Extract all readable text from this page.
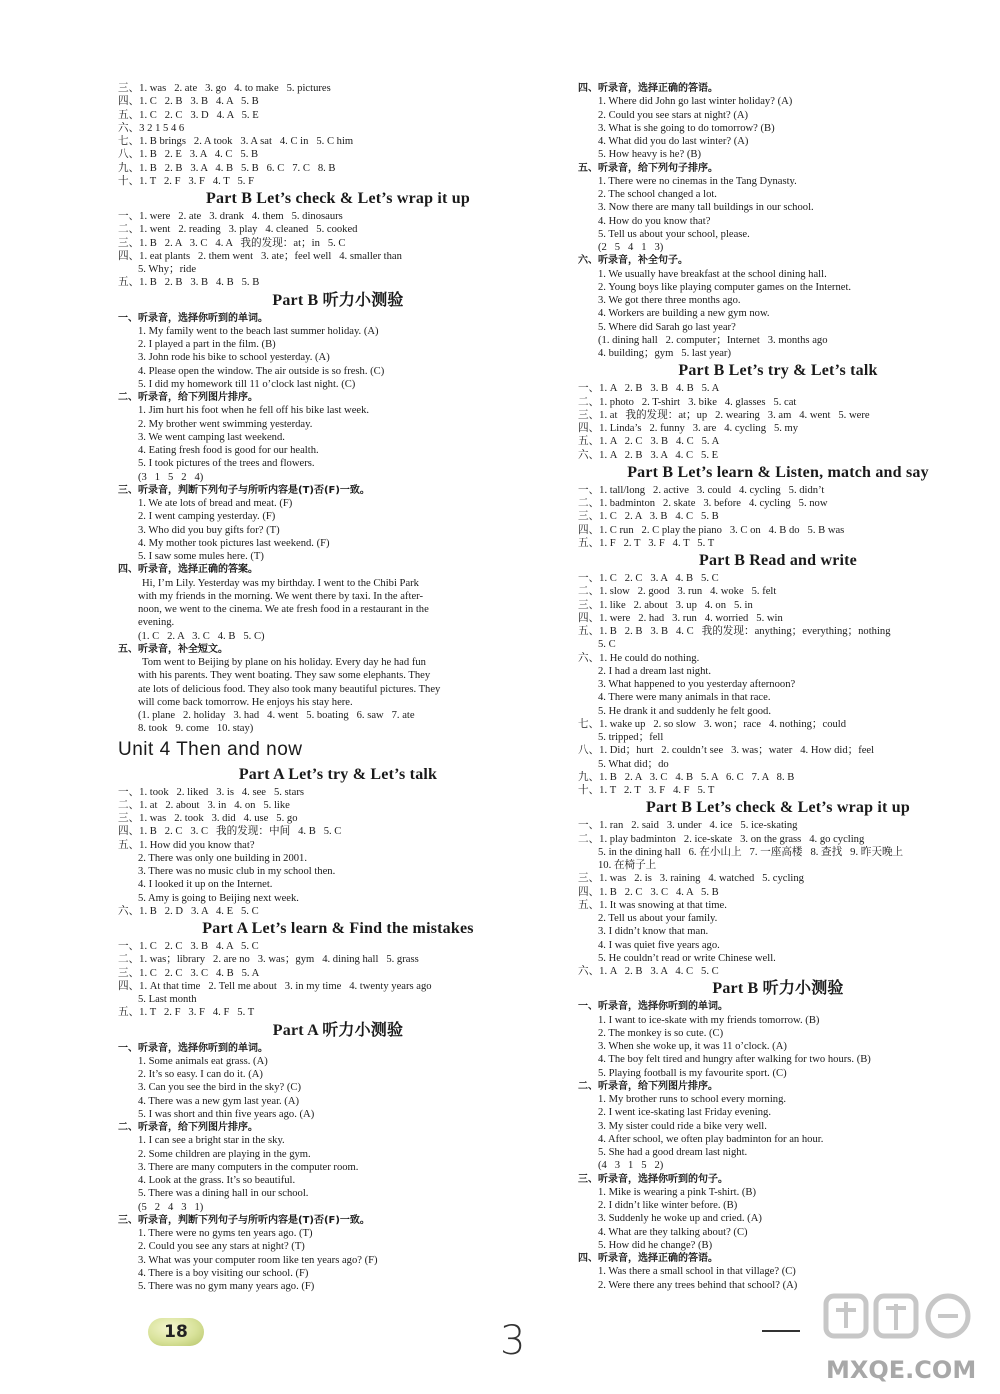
三、1. was   2. ate   3. go   4. to make   5. pictures
四、1. C   2. B   3. B   4. A   5. B
五、1. C   2. C   3. D   4. A   5. E
六、3 2 1 5 4 6
七、1. B brings   2. A took   3. A sat   4. C in   5. C him
八、1. B   2. E   3. A   4. C   5. B
九、1. B   2. B   3. A   4. B   5. B   6. C   7. C   8. B
十、1. T   2. F   3. F   4. T   5. F
Part B Let’s check & Let’s wrap it up
一、1. were   2. ate   3. drank   4. them   5. dinosaurs
二、1. went   2. reading   3. play   4. cleaned   5. cooked
三、1. B   2. A   3. C   4. A   我的发现：at；in   5. C
四、1. eat plants   2. them went   3. ate；feel well   4. smaller than
5. Why；ride
五、1. B   2. B   3. B   4. B   5. B
Part B 听力小测验
一、听录音，选择你听到的单词。
1. My family went to the beach last summer holiday. (A)
2. I played a part in the film. (B)
3. John rode his bike to school yesterday. (A)
4. Please open the window. The air outside is so fresh. (C)
5. I did my homework till 11 o’clock last night. (C)
二、听录音，给下列图片排序。
1. Jim hurt his foot when he fell off his bike last week.
2. My brother went swimming yesterday.
3. We went camping last weekend.
4. Eating fresh food is good for our health.
5. I took pictures of the trees and flowers.
(3   1   5   2   4)
三、听录音，判断下列句子与所听内容是(T)否(F)一致。
1. We ate lots of bread and meat. (F)
2. I went camping yesterday. (F)
3. Who did you buy gifts for? (T)
4. My mother took pictures last weekend. (F)
5. I saw some mules here. (T)
四、听录音，选择正确的答案。
Hi, I’m Lily. Yesterday was my birthday. I went to the Chibi Park
with my friends in the morning. We went there by taxi. In the after-
noon, we went to the cinema. We ate fresh food in a restaurant in the
evening.
(1. C   2. A   3. C   4. B   5. C)
五、听录音，补全短文。
Tom went to Beijing by plane on his holiday. Every day he had fun
with his parents. They went boating. They saw some elephants. They
ate lots of delicious food. They also took many beautiful pictures. They
will come back tomorrow. He enjoys his stay here.
(1. plane   2. holiday   3. had   4. went   5. boating   6. saw   7. ate
8. took   9. come   10. stay)
Unit 4 Then and now
Part A Let’s try & Let’s talk
一、1. took   2. liked   3. is   4. see   5. stars
二、1. at   2. about   3. in   4. on   5. like
三、1. was   2. took   3. did   4. use   5. go
四、1. B   2. C   3. C   我的发现：中间   4. B   5. C
五、1. How did you know that?
2. There was only one building in 2001.
3. There was no music club in my school then.
4. I looked it up on the Internet.
5. Amy is going to Beijing next week.
六、1. B   2. D   3. A   4. E   5. C
Part A Let’s learn & Find the mistakes
一、1. C   2. C   3. B   4. A   5. C
二、1. was；library   2. are no   3. was；gym   4. dining hall   5. grass
三、1. C   2. C   3. C   4. B   5. A
四、1. At that time   2. Tell me about   3. in my time   4. twenty years ago
5. Last month
五、1. T   2. F   3. F   4. F   5. T
Part A 听力小测验
一、听录音，选择你听到的单词。
1. Some animals eat grass. (A)
2. It’s so easy. I can do it. (A)
3. Can you see the bird in the sky? (C)
4. There was a new gym last year. (A)
5. I was short and thin five years ago. (A)
二、听录音，给下列图片排序。
1. I can see a bright star in the sky.
2. Some children are playing in the gym.
3. There are many computers in the computer room.
4. Look at the grass. It’s so beautiful.
5. There was a dining hall in our school.
(5   2   4   3   1)
三、听录音，判断下列句子与所听内容是(T)否(F)一致。
1. There were no gyms ten years ago. (T)
2. Could you see any stars at night? (T)
3. What was your computer room like ten years ago? (F)
4. There is a boy visiting our school. (F)
5. There was no gym many years ago. (F)
四、听录音，选择正确的答语。
1. Where did John go last winter holiday? (A)
2. Could you see stars at night? (A)
3. What is she going to do tomorrow? (B)
4. What did you do last winter? (A)
5. How heavy is he? (B)
五、听录音，给下列句子排序。
1. There were no cinemas in the Tang Dynasty.
2. The school changed a lot.
3. Now there are many tall buildings in our school.
4. How do you know that?
5. Tell us about your school, please.
(2   5   4   1   3)
六、听录音，补全句子。
1. We usually have breakfast at the school dining hall.
2. Young boys like playing computer games on the Internet.
3. We got there three months ago.
4. Workers are building a new gym now.
5. Where did Sarah go last year?
(1. dining hall   2. computer；Internet   3. months ago
4. building；gym   5. last year)
Part B Let’s try & Let’s talk
一、1. A   2. B   3. B   4. B   5. A
二、1. photo   2. T-shirt   3. bike   4. glasses   5. cat
三、1. at   我的发现：at；up   2. wearing   3. am   4. went   5. were
四、1. Linda’s   2. funny   3. are   4. cycling   5. my
五、1. A   2. C   3. B   4. C   5. A
六、1. A   2. B   3. A   4. C   5. E
Part B Let’s learn & Listen, match and say
一、1. tall/long   2. active   3. could   4. cycling   5. didn’t
二、1. badminton   2. skate   3. before   4. cycling   5. now
三、1. C   2. A   3. B   4. C   5. B
四、1. C run   2. C play the piano   3. C on   4. B do   5. B was
五、1. F   2. T   3. F   4. T   5. T
Part B Read and write
一、1. C   2. C   3. A   4. B   5. C
二、1. slow   2. good   3. run   4. woke   5. felt
三、1. like   2. about   3. up   4. on   5. in
四、1. were   2. had   3. run   4. worried   5. win
五、1. B   2. B   3. B   4. C   我的发现：anything；everything；nothing
5. C
六、1. He could do nothing.
2. I had a dream last night.
3. What happened to you yesterday afternoon?
4. There were many animals in that race.
5. He drank it and suddenly he felt good.
七、1. wake up   2. so slow   3. won；race   4. nothing；could
5. tripped；fell
八、1. Did；hurt   2. couldn’t see   3. was；water   4. How did；feel
5. What did；do
九、1. B   2. A   3. C   4. B   5. A   6. C   7. A   8. B
十、1. T   2. T   3. F   4. F   5. T
Part B Let’s check & Let’s wrap it up
一、1. ran   2. said   3. under   4. ice   5. ice-skating
二、1. play badminton   2. ice-skate   3. on the grass   4. go cycling
5. in the dining hall   6. 在小山上   7. 一座高楼   8. 查找   9. 昨天晚上
10. 在椅子上
三、1. was   2. is   3. raining   4. watched   5. cycling
四、1. B   2. C   3. C   4. A   5. B
五、1. It was snowing at that time.
2. Tell us about your family.
3. I didn’t know that man.
4. I was quiet five years ago.
5. He couldn’t read or write Chinese well.
六、1. A   2. B   3. A   4. C   5. C
Part B 听力小测验
一、听录音，选择你听到的单词。
1. I want to ice-skate with my friends tomorrow. (B)
2. The monkey is so cute. (C)
3. When she woke up, it was 11 o’clock. (A)
4. The boy felt tired and hungry after walking for two hours. (B)
5. Playing football is my favourite sport. (C)
二、听录音，给下列图片排序。
1. My brother runs to school every morning.
2. I went ice-skating last Friday evening.
3. My sister could ride a bike very well.
4. After school, we often play badminton for an hour.
5. She had a good dream last night.
(4   3   1   5   2)
三、听录音，选择你听到的句子。
1. Mike is wearing a pink T-shirt. (B)
2. I didn’t like winter before. (B)
3. Suddenly he woke up and cried. (A)
4. What are they talking about? (C)
5. How did he change? (B)
四、听录音，选择正确的答语。
1. Was there a small school in that village? (C)
2. Were there any trees behind that school? (A)
18	3
MXQE.COM
